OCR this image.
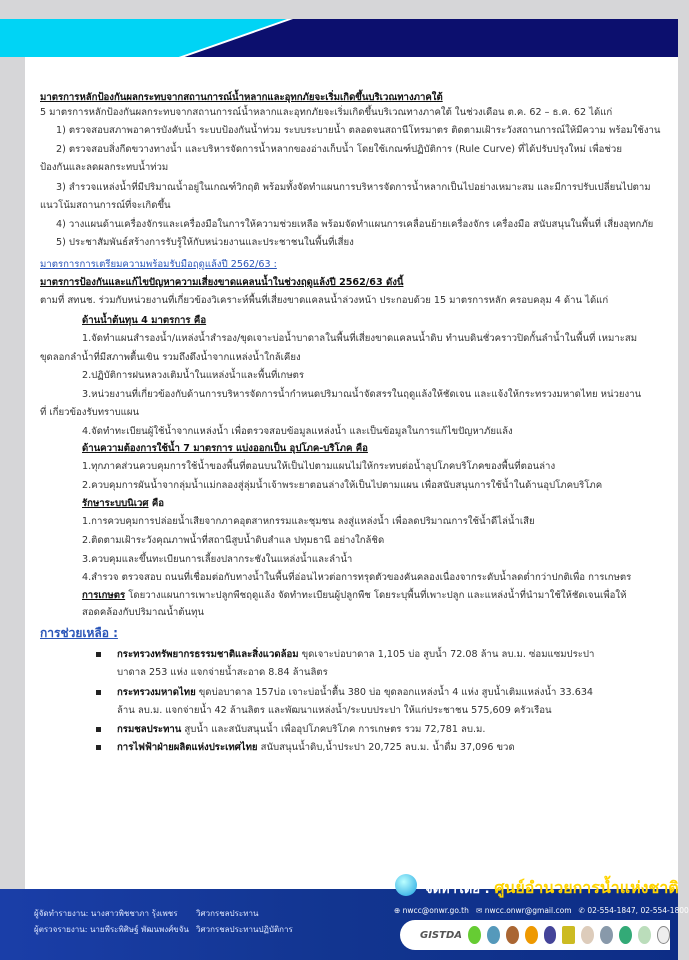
มาตรการหลักป้องกันผลกระทบจากสถานการณ์น้ำหลากและอุทกภัยจะเริ่มเกิดขึ้นบริเวณทางภาคใต้
5 มาตรการหลักป้องกันผลกระทบจากสถานการณ์น้ำหลากและอุทกภัยจะเริ่มเกิดขึ้นบริเวณทางภาคใต้ ในช่วงเดือน ต.ค. 62 – ธ.ค. 62 ได้แก่
1) ตรวจสอบสภาพอาคารบังคับน้ำ ระบบป้องกันน้ำท่วม ระบบระบายน้ำ ตลอดจนสถานีโทรมาตร ติดตามเฝ้าระวังสถานการณ์ให้มีความ พร้อมใช้งาน
2) ตรวจสอบสิ่งกีดขวางทางน้ำ และบริหารจัดการน้ำหลากของอ่างเก็บน้ำ โดยใช้เกณฑ์ปฏิบัติการ (Rule Curve) ที่ได้ปรับปรุงใหม่ เพื่อช่วย
ป้องกันและลดผลกระทบน้ำท่วม
3) สำรวจแหล่งน้ำที่มีปริมาณน้ำอยู่ในเกณฑ์วิกฤติ พร้อมทั้งจัดทำแผนการบริหารจัดการน้ำหลากเป็นไปอย่างเหมาะสม และมีการปรับเปลี่ยนไปตาม
แนวโน้มสถานการณ์ที่จะเกิดขึ้น
4) วางแผนด้านเครื่องจักรและเครื่องมือในการให้ความช่วยเหลือ พร้อมจัดทำแผนการเคลื่อนย้ายเครื่องจักร เครื่องมือ สนับสนุนในพื้นที่ เสี่ยงอุทกภัย
5) ประชาสัมพันธ์สร้างการรับรู้ให้กับหน่วยงานและประชาชนในพื้นที่เสี่ยง
มาตรการการเตรียมความพร้อมรับมือฤดูแล้งปี 2562/63 :
มาตรการป้องกันและแก้ไขปัญหาความเสี่ยงขาดแคลนน้ำในช่วงฤดูแล้งปี 2562/63 ดังนี้
ตามที่ สทนช. ร่วมกับหน่วยงานที่เกี่ยวข้องวิเคราะห์พื้นที่เสี่ยงขาดแคลนน้ำล่วงหน้า ประกอบด้วย 15 มาตรการหลัก ครอบคลุม 4 ด้าน ได้แก่
ด้านน้ำต้นทุน 4 มาตรการ คือ
1.จัดทำแผนสำรองน้ำ/แหล่งน้ำสำรอง/ขุดเจาะบ่อน้ำบาดาลในพื้นที่เสี่ยงขาดแคลนน้ำดิบ ทำนบดินชั่วคราวปิดกั้นลำน้ำในพื้นที่ เหมาะสม
ขุดลอกลำน้ำที่มีสภาพตื้นเขิน รวมถึงดึงน้ำจากแหล่งน้ำใกล้เคียง
2.ปฏิบัติการฝนหลวงเติมน้ำในแหล่งน้ำและพื้นที่เกษตร
3.หน่วยงานที่เกี่ยวข้องกับด้านการบริหารจัดการน้ำกำหนดปริมาณน้ำจัดสรรในฤดูแล้งให้ชัดเจน และแจ้งให้กระทรวงมหาดไทย หน่วยงาน
ที่ เกี่ยวข้องรับทราบแผน
4.จัดทำทะเบียนผู้ใช้น้ำจากแหล่งน้ำ เพื่อตรวจสอบข้อมูลแหล่งน้ำ และเป็นข้อมูลในการแก้ไขปัญหาภัยแล้ง
ด้านความต้องการใช้น้ำ 7 มาตรการ แบ่งออกเป็น อุปโภค-บริโภค คือ
1.ทุกภาคส่วนควบคุมการใช้น้ำของพื้นที่ตอนบนให้เป็นไปตามแผนไม่ให้กระทบต่อน้ำอุปโภคบริโภคของพื้นที่ตอนล่าง
2.ควบคุมการผันน้ำจากลุ่มน้ำแม่กลองสู่ลุ่มน้ำเจ้าพระยาตอนล่างให้เป็นไปตามแผน เพื่อสนับสนุนการใช้น้ำในด้านอุปโภคบริโภค
รักษาระบบนิเวศ คือ
1.การควบคุมการปล่อยน้ำเสียจากภาคอุตสาหกรรมและชุมชน ลงสู่แหล่งน้ำ เพื่อลดปริมาณการใช้น้ำดีไล่น้ำเสีย
2.ติดตามเฝ้าระวังคุณภาพน้ำที่สถานีสูบน้ำดิบสำแล ปทุมธานี อย่างใกล้ชิด
3.ควบคุมและขึ้นทะเบียนการเลี้ยงปลากระชังในแหล่งน้ำและลำน้ำ
4.สำรวจ ตรวจสอบ ถนนที่เชื่อมต่อกับทางน้ำในพื้นที่อ่อนไหวต่อการทรุดตัวของคันคลองเนื่องจากระดับน้ำลดต่ำกว่าปกติเพื่อ การเกษตร
การเกษตร โดยวางแผนการเพาะปลูกพืชฤดูแล้ง จัดทำทะเบียนผู้ปลูกพืช โดยระบุพื้นที่เพาะปลูก และแหล่งน้ำที่นำมาใช้ให้ชัดเจนเพื่อให้
สอดคล้องกับปริมาณน้ำต้นทุน
การช่วยเหลือ :
กระทรวงทรัพยากรธรรมชาติและสิ่งแวดล้อม ขุดเจาะบ่อบาดาล 1,105 บ่อ สูบน้ำ 72.08 ล้าน ลบ.ม. ซ่อมแซมประปา
บาดาล 253 แห่ง แจกจ่ายน้ำสะอาด 8.84 ล้านลิตร
กระทรวงมหาดไทย ขุดบ่อบาดาล 157บ่อ เจาะบ่อน้ำตื้น 380 บ่อ ขุดลอกแหล่งน้ำ 4 แห่ง สูบน้ำเติมแหล่งน้ำ 33.634
ล้าน ลบ.ม. แจกจ่ายน้ำ 42 ล้านลิตร และพัฒนาแหล่งน้ำ/ระบบประปา ให้แก่ประชาชน 575,609 ครัวเรือน
กรมชลประทาน สูบน้ำ และสนับสนุนน้ำ เพื่ออุปโภคบริโภค การเกษตร รวม 72,781 ลบ.ม.
การไฟฟ้าฝ่ายผลิตแห่งประเทศไทย สนับสนุนน้ำดิบ,น้ำประปา 20,725 ลบ.ม. น้ำดื่ม 37,096 ขวด
ผู้จัดทำรายงาน: นางสาวพิชชาภา รุ้งเพชร วิศวกรชลประทาน
ผู้ตรวจรายงาน: นายพีระพิศิษฐ์ พัฒนพงศ์ขจัน วิศวกรชลประทานปฏิบัติการ
จัดทำโดย : ศูนย์อำนวยการน้ำแห่งชาติ
⊕ nwcc@onwr.go.th ✉ nwcc.onwr@gmail.com ✆ 02-554-1847, 02-554-1800
GISTDA
